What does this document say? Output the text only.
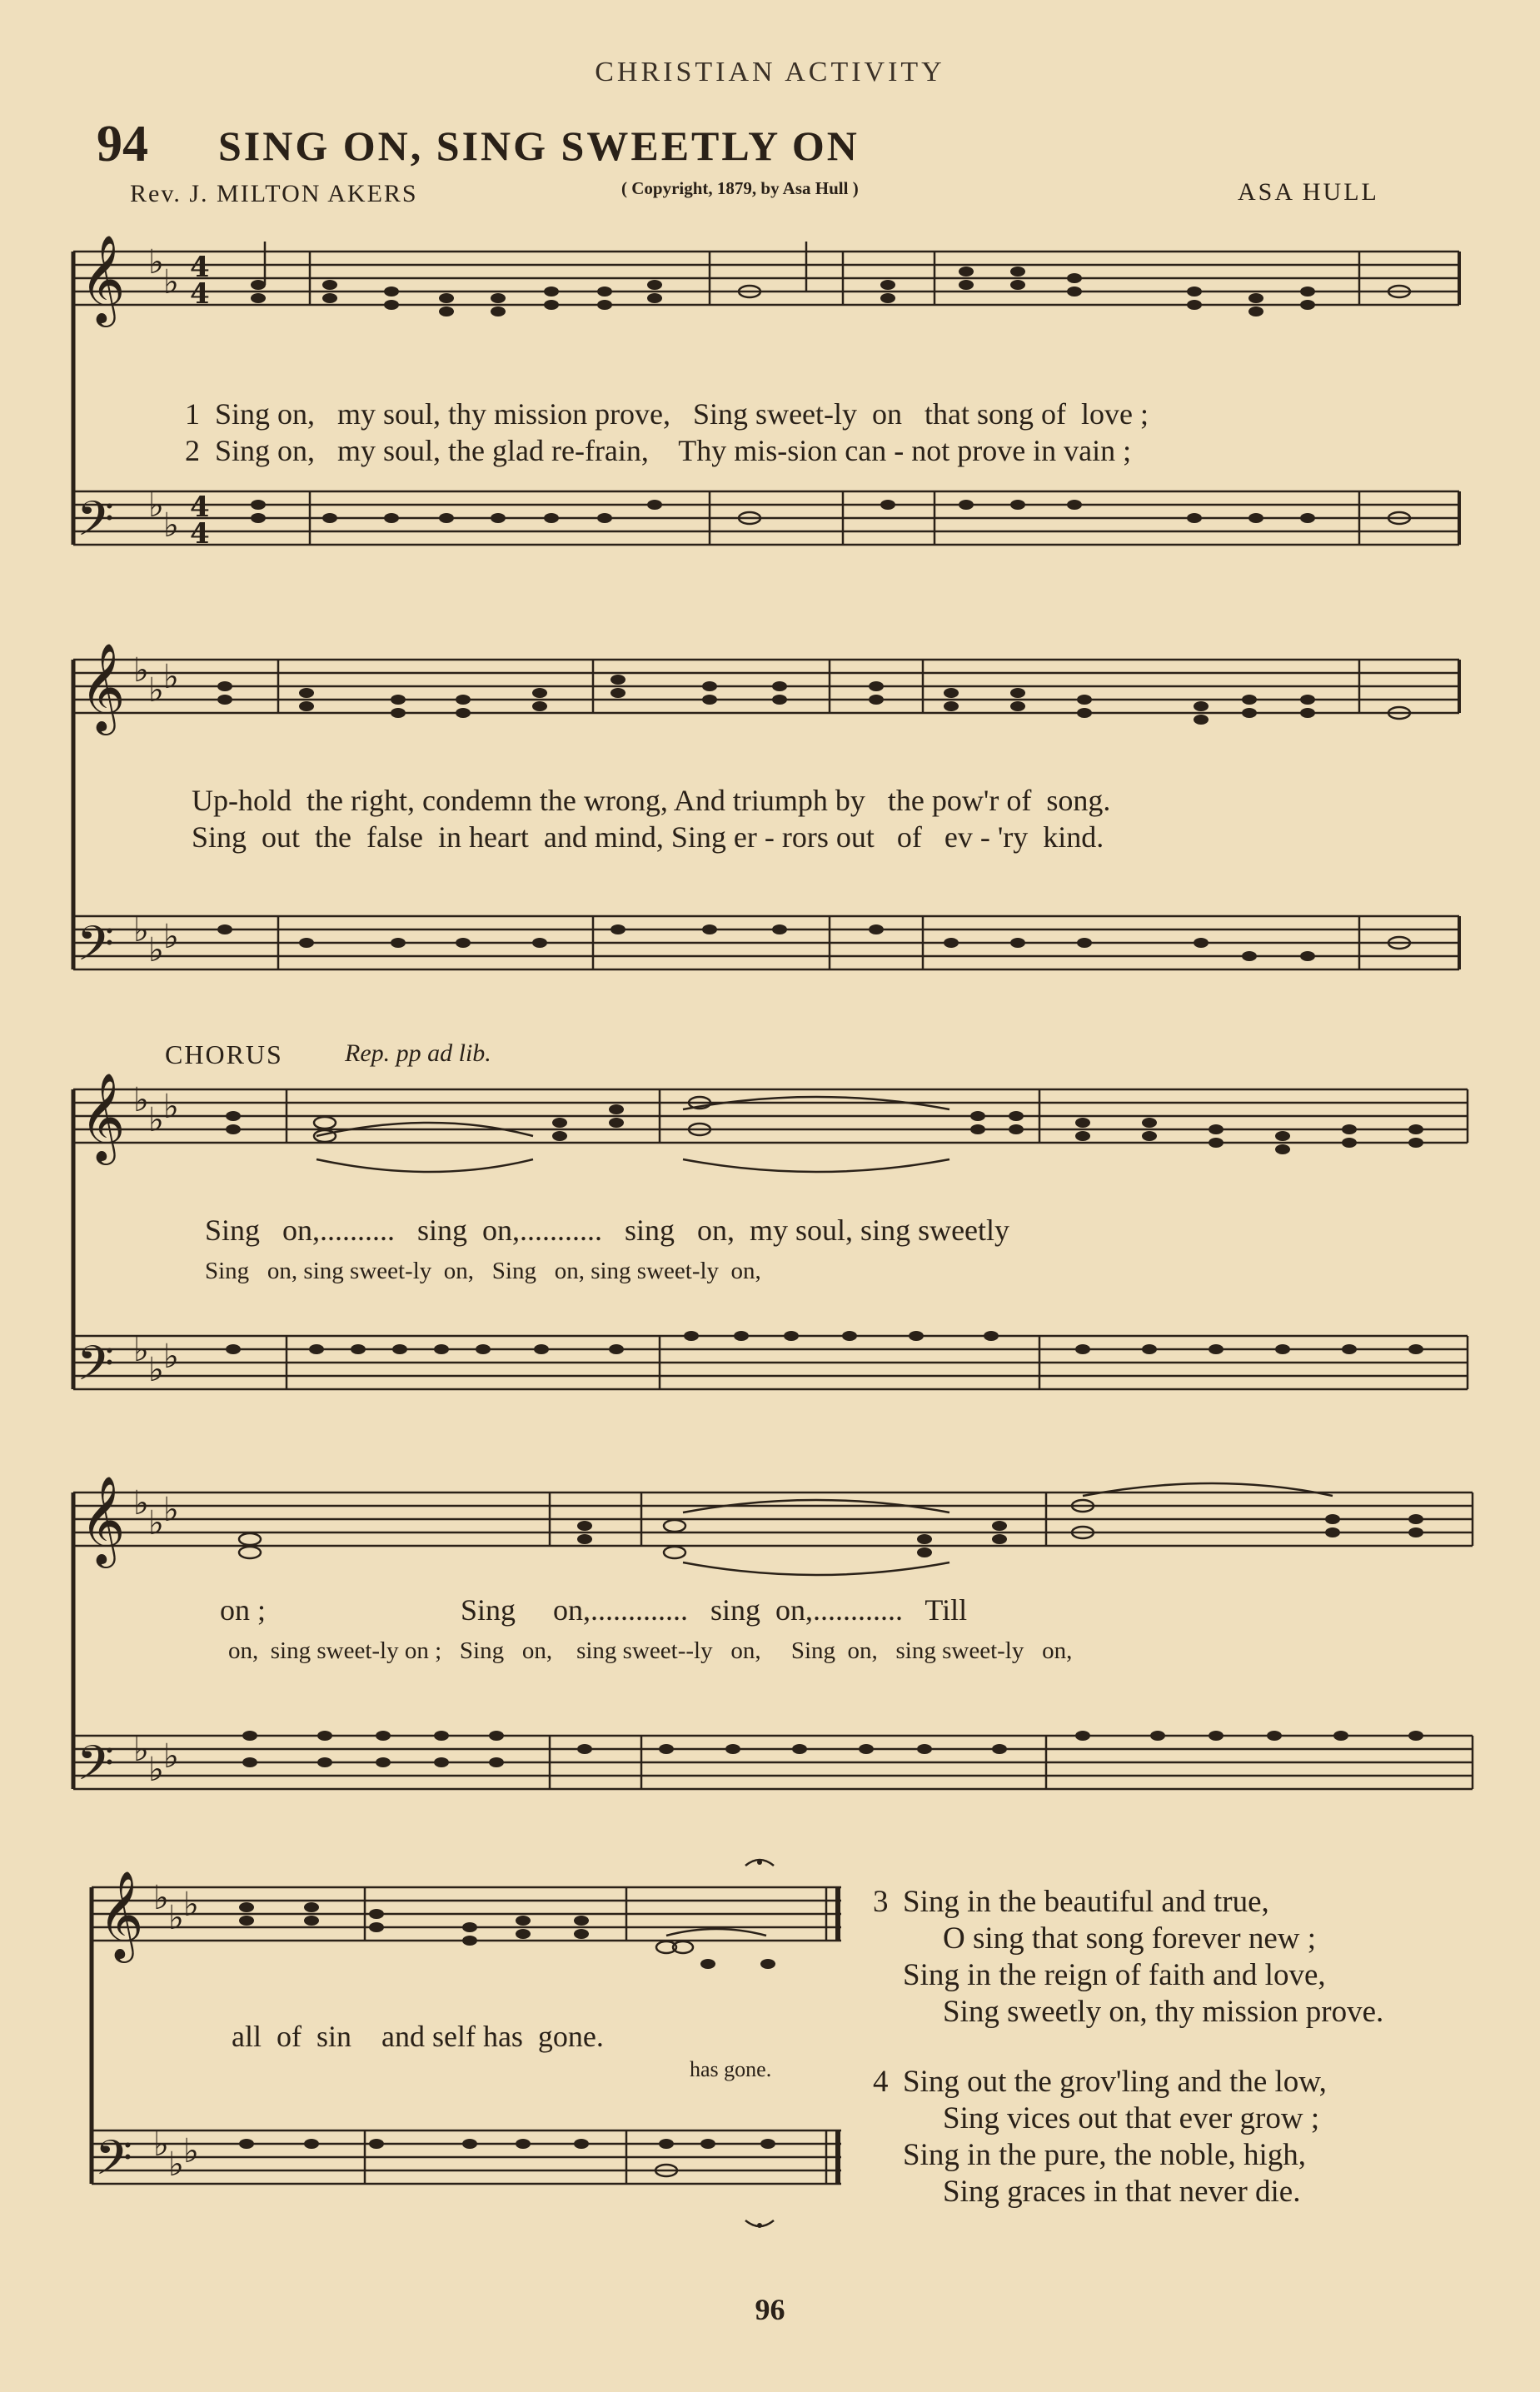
CHRISTIAN ACTIVITY
94 SING ON, SING SWEETLY ON
Rev. J. MILTON AKERS	( Copyright, 1879, by Asa Hull )	ASA HULL
𝄞
𝄢
♭
♭
♭
♭
4
4
4
4

1 Sing on,   my soul, thy mission prove,   Sing sweet-ly  on   that song of  love ;

2 Sing on,   my soul, the glad re-frain,    Thy mis-sion can - not prove in vain ;

𝄞
𝄢
♭
♭ ♭
♭
♭ ♭
Up-hold  the right, condemn the wrong, And triumph by   the pow'r of  song.
Sing  out  the  false  in heart  and mind, Sing er - rors out   of   ev - 'ry  kind.
CHORUS Rep. pp ad lib.
𝄞
𝄢
♭
♭ ♭
♭
♭ ♭
Sing   on,..........   sing  on,...........   sing   on,  my soul, sing sweetly
Sing   on, sing sweet-ly  on,   Sing   on, sing sweet-ly  on,
𝄞
𝄢
♭
♭ ♭
♭
♭ ♭
on ;                          Sing     on,.............   sing  on,............   Till
on,  sing sweet-ly on ;   Sing   on,    sing sweet--ly   on,     Sing  on,   sing sweet-ly   on,
𝄞
𝄢
♭
♭ ♭
♭
♭ ♭
all  of  sin    and self has  gone.
has gone.
3 Sing in the beautiful and true,
O sing that song forever new ;
Sing in the reign of faith and love,
Sing sweetly on, thy mission prove.
4 Sing out the grov'ling and the low,
Sing vices out that ever grow ;
Sing in the pure, the noble, high,
Sing graces in that never die.
96
